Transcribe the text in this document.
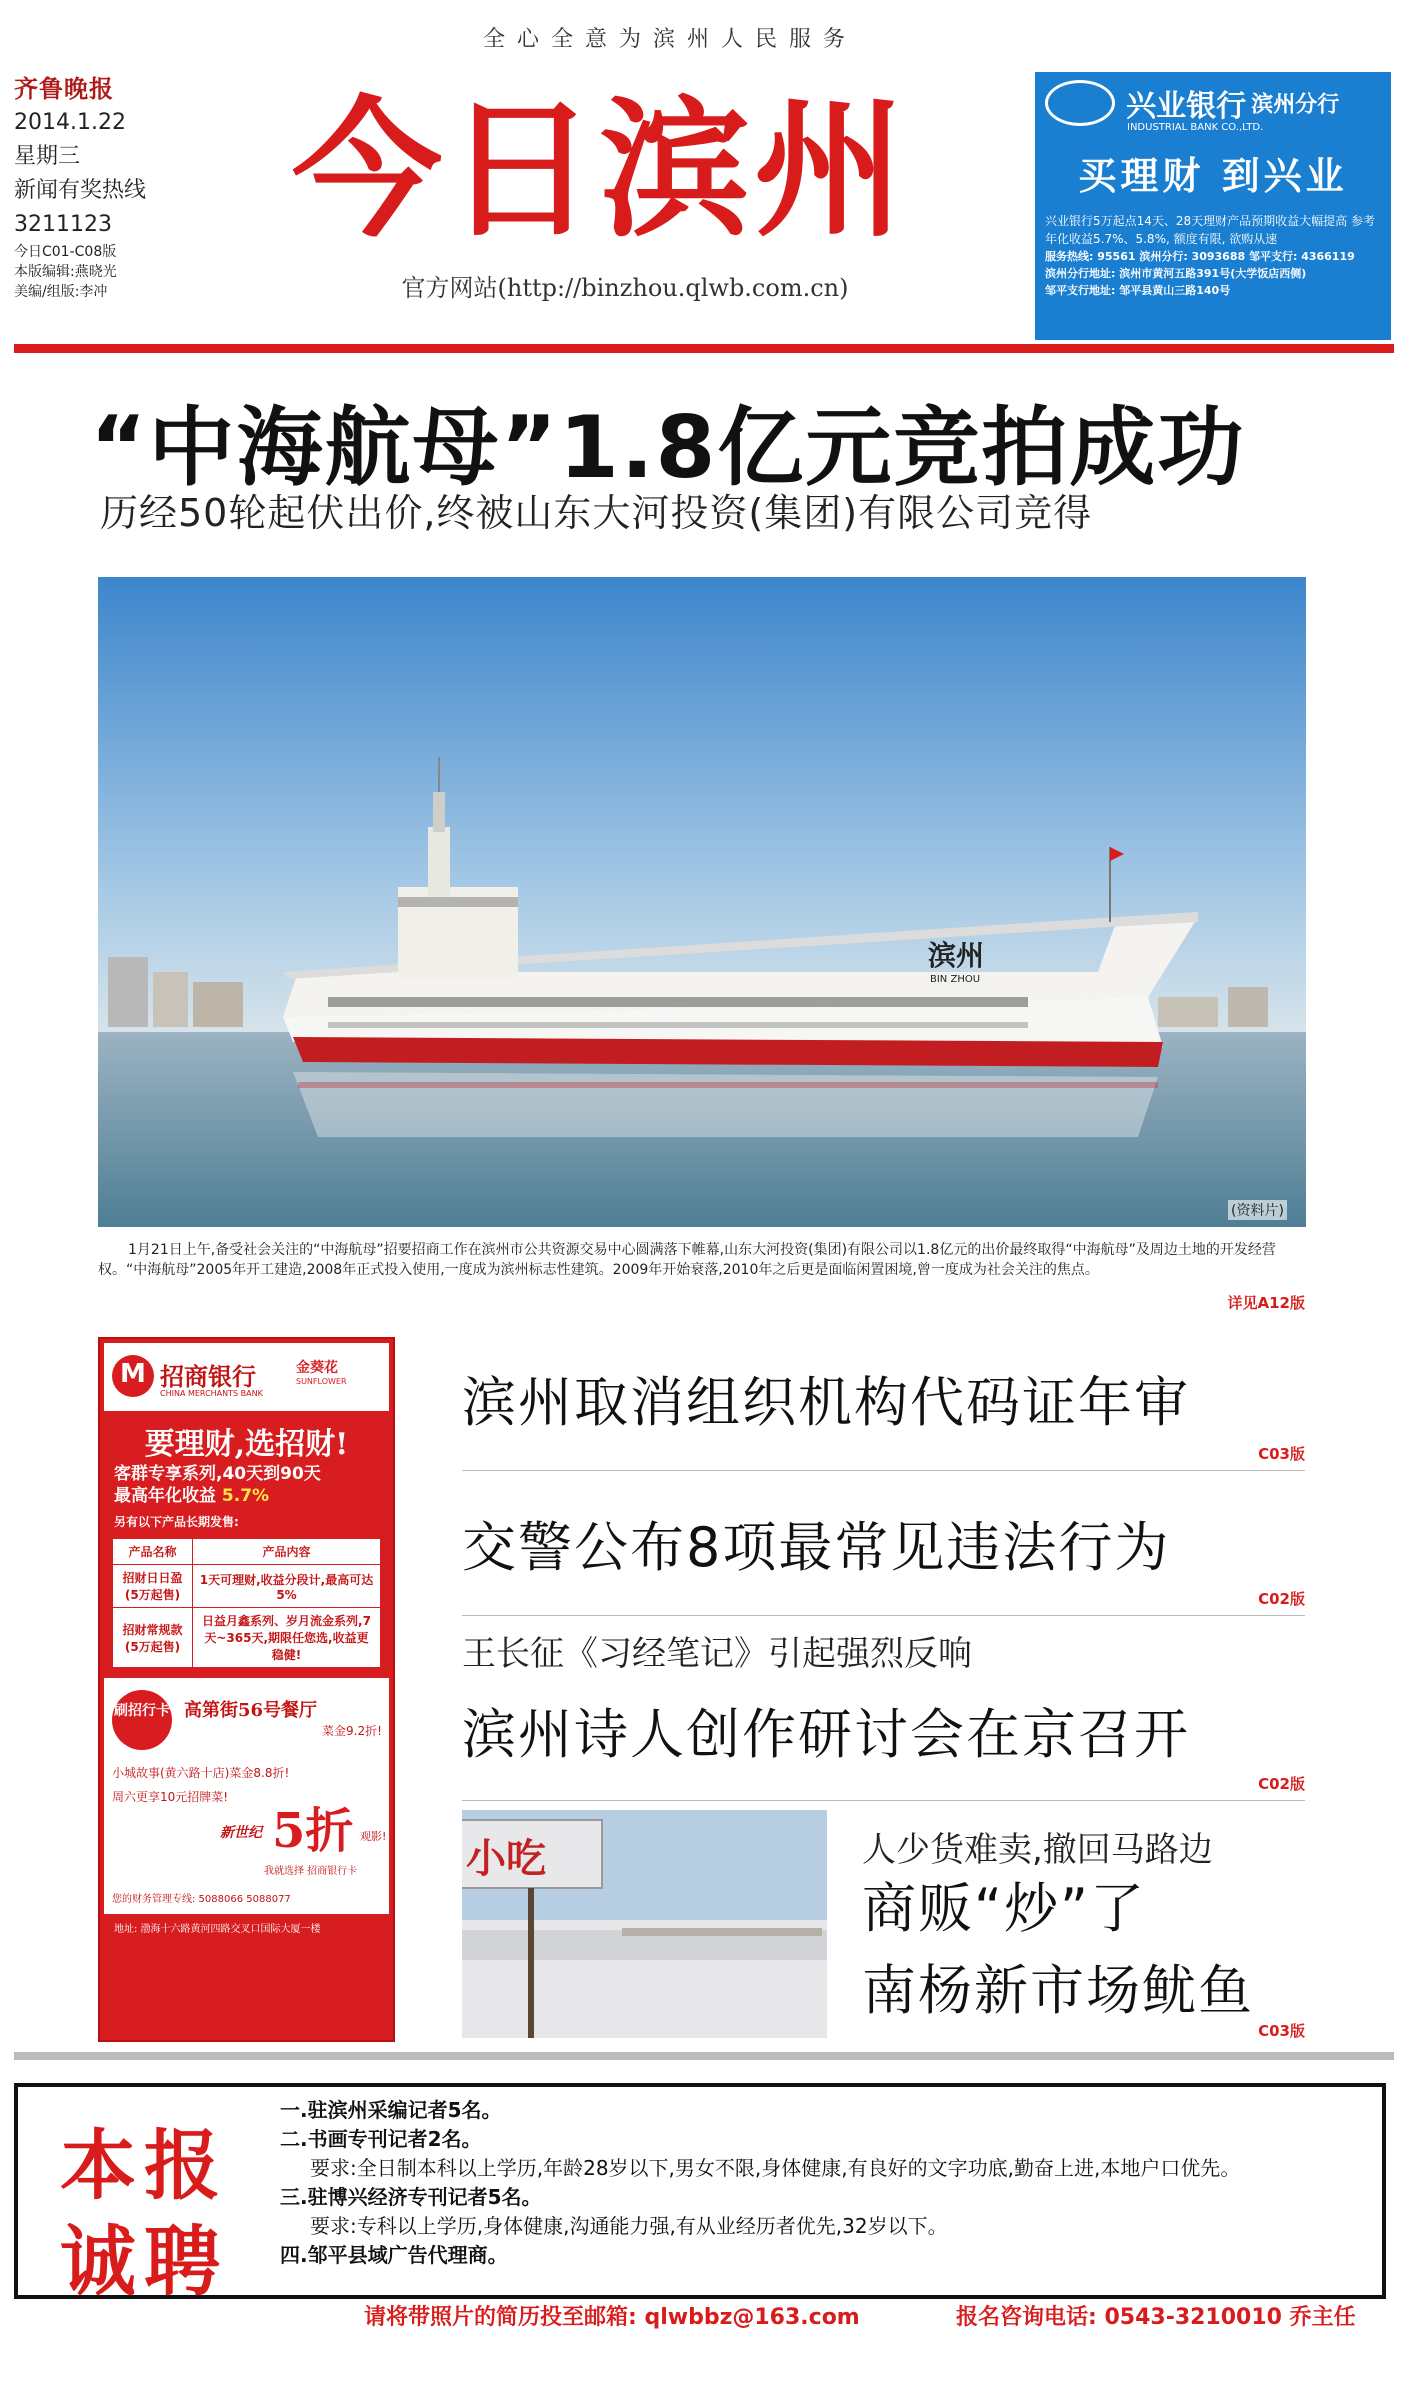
全心全意为滨州人民服务
齐鲁晚报
2014.1.22
星期三
新闻有奖热线
3211123
今日C01-C08版
本版编辑:燕晓光
美编/组版:李冲
今日滨州
官方网站(http://binzhou.qlwb.com.cn)
兴业银行 滨州分行
INDUSTRIAL BANK CO.,LTD.
买理财 到兴业
兴业银行5万起点14天、28天理财产品预期收益大幅提高 参考年化收益5.7%、5.8%, 额度有限, 欲购从速
服务热线: 95561 滨州分行: 3093688 邹平支行: 4366119
滨州分行地址: 滨州市黄河五路391号(大学饭店西侧)
邹平支行地址: 邹平县黄山三路140号
“中海航母”1.8亿元竞拍成功
历经50轮起伏出价,终被山东大河投资(集团)有限公司竞得
滨州
BIN ZHOU
(资料片)
1月21日上午,备受社会关注的“中海航母”招要招商工作在滨州市公共资源交易中心圆满落下帷幕,山东大河投资(集团)有限公司以1.8亿元的出价最终取得“中海航母”及周边土地的开发经营权。“中海航母”2005年开工建造,2008年正式投入使用,一度成为滨州标志性建筑。2009年开始衰落,2010年之后更是面临闲置困境,曾一度成为社会关注的焦点。
详见A12版
M
招商银行
CHINA MERCHANTS BANK
金葵花
SUNFLOWER
要理财,选招财!
客群专享系列,40天到90天
最高年化收益 5.7%
另有以下产品长期发售:
产品名称	产品内容
招财日日盈(5万起售)	1天可理财,收益分段计,最高可达5%
招财常规款(5万起售)	日益月鑫系列、岁月流金系列,7天~365天,期限任您选,收益更稳健!
刷招行卡 高第街56号餐厅
菜金9.2折!
小城故事(黄六路十店)菜金8.8折!
周六更享10元招牌菜!
新世纪 5折 观影!
我就选择 招商银行卡
您的财务管理专线: 5088066 5088077
地址: 渤海十六路黄河四路交叉口国际大厦一楼
滨州取消组织机构代码证年审
C03版
交警公布8项最常见违法行为
C02版
王长征《习经笔记》引起强烈反响
滨州诗人创作研讨会在京召开
C02版
小吃	人少货难卖,撤回马路边
商贩“炒”了
南杨新市场鱿鱼
C03版
本报
诚聘
一.驻滨州采编记者5名。
二.书画专刊记者2名。
要求:全日制本科以上学历,年龄28岁以下,男女不限,身体健康,有良好的文字功底,勤奋上进,本地户口优先。
三.驻博兴经济专刊记者5名。
要求:专科以上学历,身体健康,沟通能力强,有从业经历者优先,32岁以下。
四.邹平县域广告代理商。
请将带照片的简历投至邮箱: qlwbbz@163.com	报名咨询电话: 0543-3210010 乔主任
